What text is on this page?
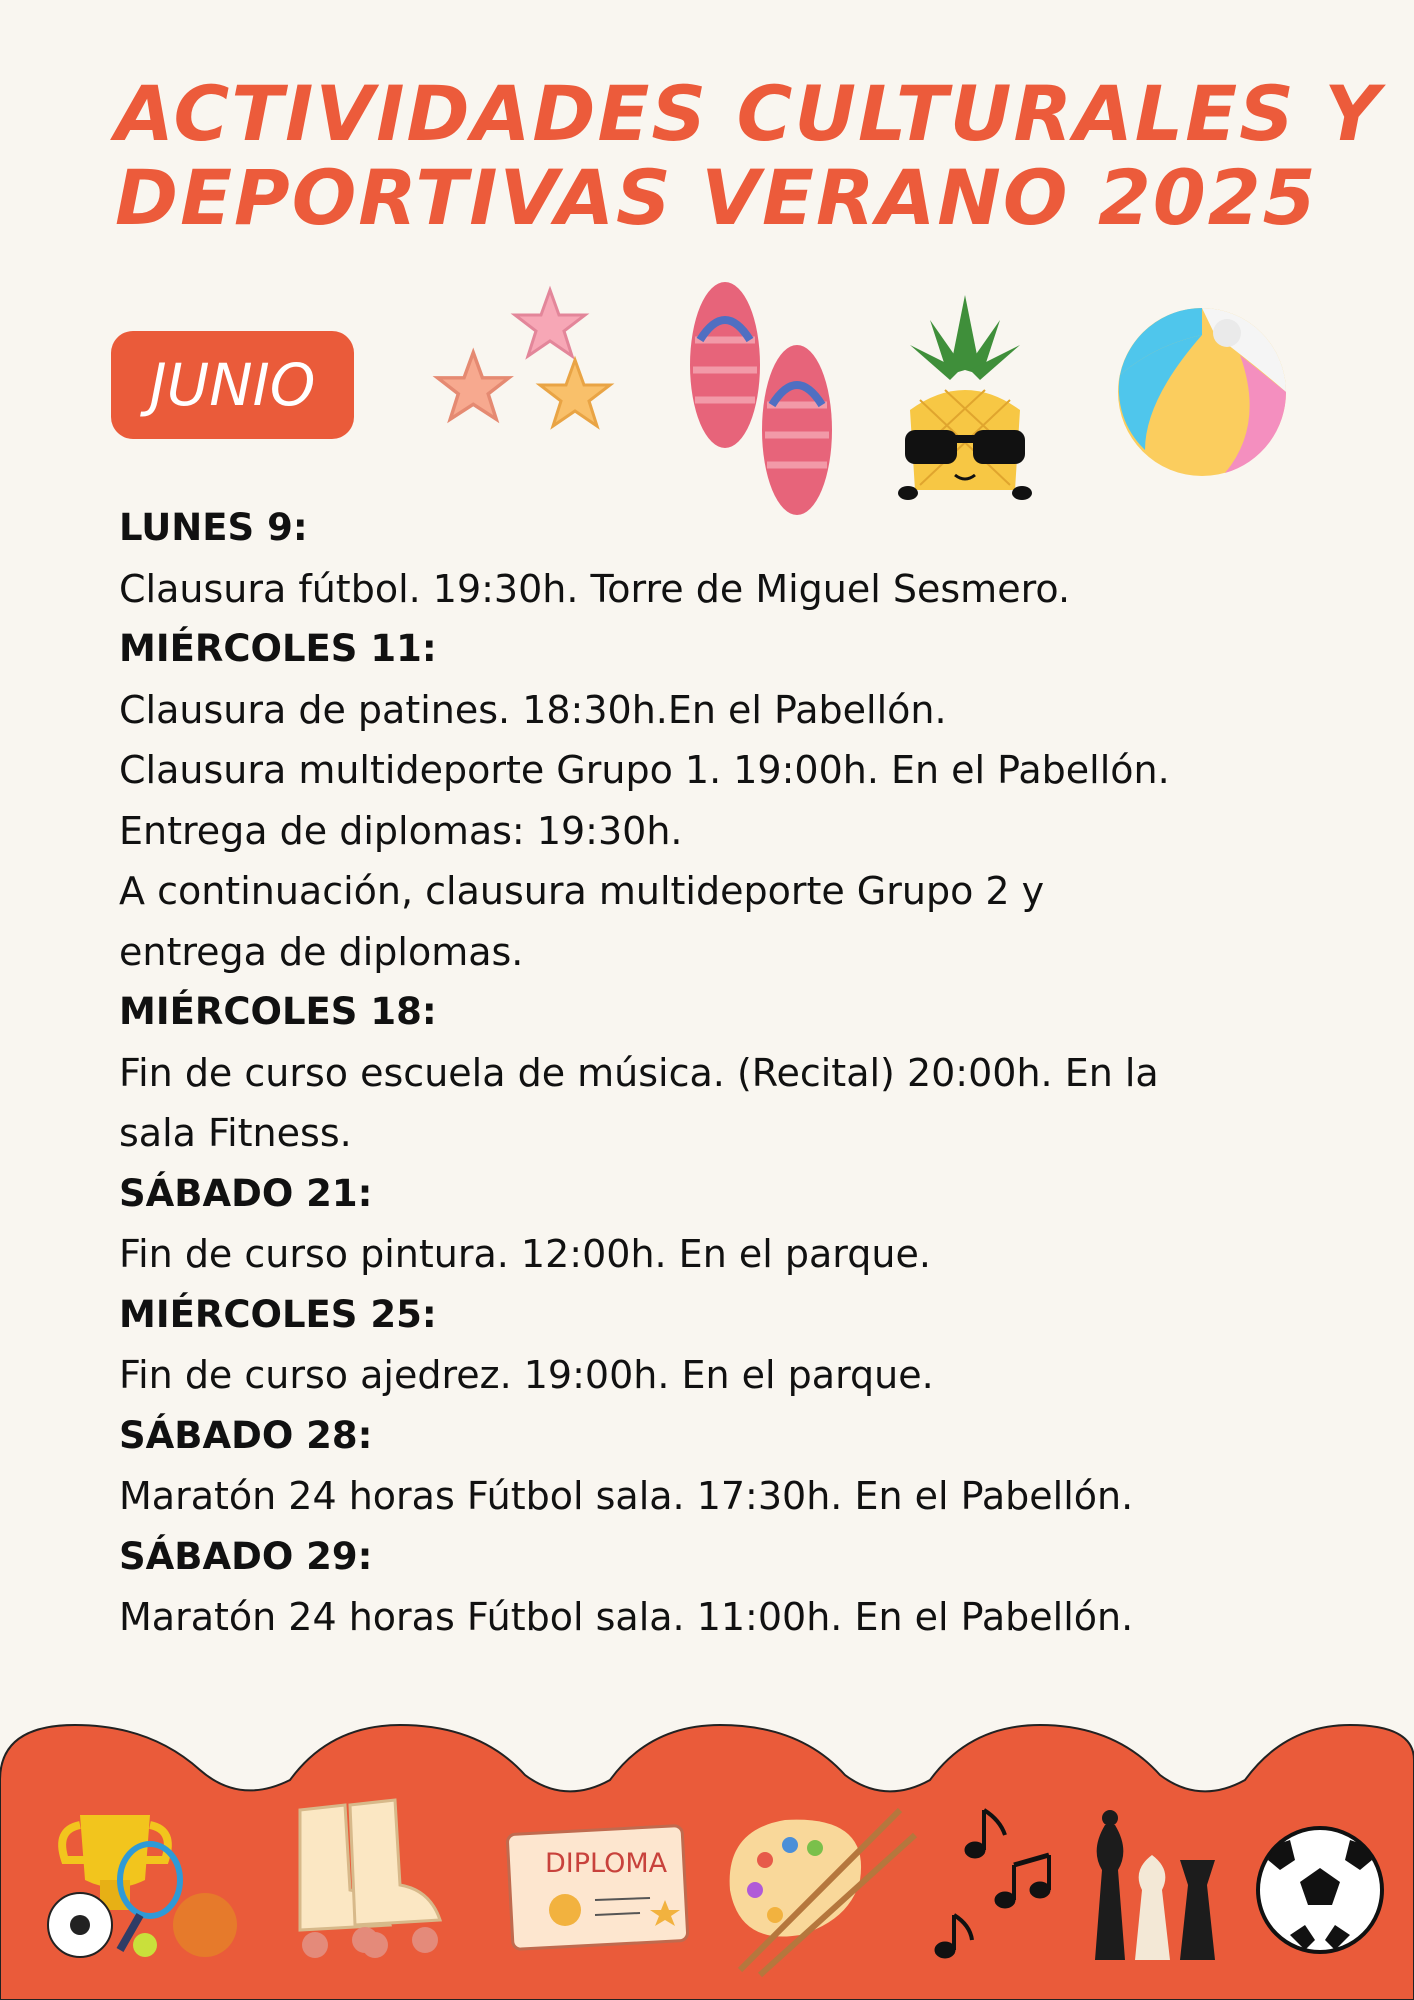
ACTIVIDADES CULTURALES Y
DEPORTIVAS VERANO 2025
JUNIO
LUNES 9:
Clausura fútbol. 19:30h. Torre de Miguel Sesmero.
MIÉRCOLES 11:
Clausura de patines. 18:30h.En el Pabellón.
Clausura multideporte Grupo 1. 19:00h. En el Pabellón.
Entrega de diplomas: 19:30h.
A continuación, clausura multideporte Grupo 2 y
entrega de diplomas.
MIÉRCOLES 18:
Fin de curso escuela de música. (Recital) 20:00h. En la
sala Fitness.
SÁBADO 21:
Fin de curso pintura. 12:00h. En el parque.
MIÉRCOLES 25:
Fin de curso ajedrez. 19:00h. En el parque.
SÁBADO 28:
Maratón 24 horas Fútbol sala. 17:30h. En el Pabellón.
SÁBADO 29:
Maratón 24 horas Fútbol sala. 11:00h. En el Pabellón.
DIPLOMA
